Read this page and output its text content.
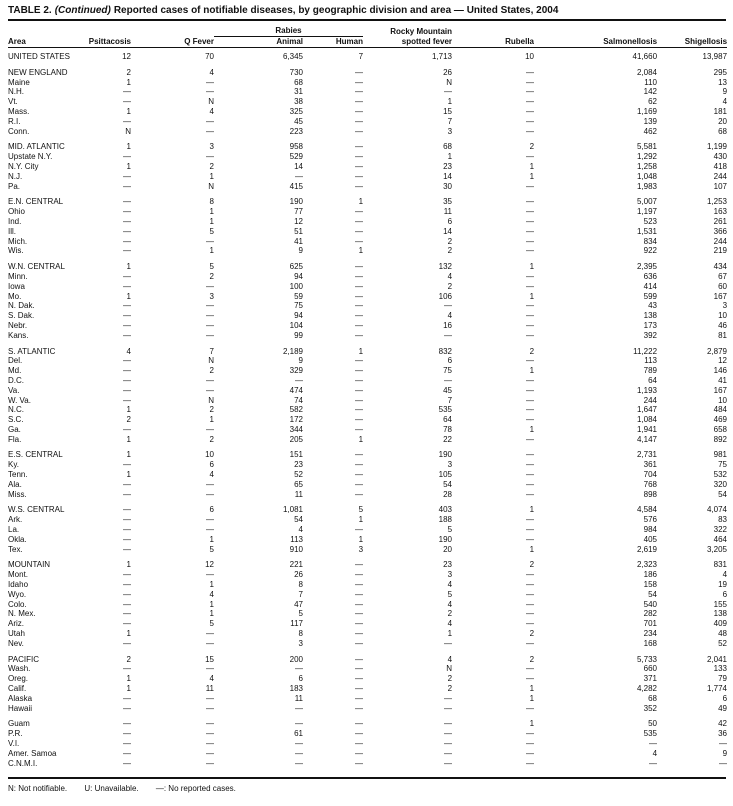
TABLE 2. (Continued) Reported cases of notifiable diseases, by geographic division and area — United States, 2004
Area	Psittacosis	Q Fever	Rabies		Rocky Mountain
spotted fever	Rubella	Salmonellosis	Shigellosis
			Animal	Human				
UNITED STATES	12	70	6,345	7	1,713	10	41,660	13,987
NEW ENGLAND	2	4	730	—	26	—	2,084	295
Maine	1	—	68	—	N	—	110	13
N.H.	—	—	31	—	—	—	142	9
Vt.	—	N	38	—	1	—	62	4
Mass.	1	4	325	—	15	—	1,169	181
R.I.	—	—	45	—	7	—	139	20
Conn.	N	—	223	—	3	—	462	68
MID. ATLANTIC	1	3	958	—	68	2	5,581	1,199
Upstate N.Y.	—	—	529	—	1	—	1,292	430
N.Y. City	1	2	14	—	23	1	1,258	418
N.J.	—	1	—	—	14	1	1,048	244
Pa.	—	N	415	—	30	—	1,983	107
E.N. CENTRAL	—	8	190	1	35	—	5,007	1,253
Ohio	—	1	77	—	11	—	1,197	163
Ind.	—	1	12	—	6	—	523	261
Ill.	—	5	51	—	14	—	1,531	366
Mich.	—	—	41	—	2	—	834	244
Wis.	—	1	9	1	2	—	922	219
W.N. CENTRAL	1	5	625	—	132	1	2,395	434
Minn.	—	2	94	—	4	—	636	67
Iowa	—	—	100	—	2	—	414	60
Mo.	1	3	59	—	106	1	599	167
N. Dak.	—	—	75	—	—	—	43	3
S. Dak.	—	—	94	—	4	—	138	10
Nebr.	—	—	104	—	16	—	173	46
Kans.	—	—	99	—	—	—	392	81
S. ATLANTIC	4	7	2,189	1	832	2	11,222	2,879
Del.	—	N	9	—	6	—	113	12
Md.	—	2	329	—	75	1	789	146
D.C.	—	—	—	—	—	—	64	41
Va.	—	—	474	—	45	—	1,193	167
W. Va.	—	N	74	—	7	—	244	10
N.C.	1	2	582	—	535	—	1,647	484
S.C.	2	1	172	—	64	—	1,084	469
Ga.	—	—	344	—	78	1	1,941	658
Fla.	1	2	205	1	22	—	4,147	892
E.S. CENTRAL	1	10	151	—	190	—	2,731	981
Ky.	—	6	23	—	3	—	361	75
Tenn.	1	4	52	—	105	—	704	532
Ala.	—	—	65	—	54	—	768	320
Miss.	—	—	11	—	28	—	898	54
W.S. CENTRAL	—	6	1,081	5	403	1	4,584	4,074
Ark.	—	—	54	1	188	—	576	83
La.	—	—	4	—	5	—	984	322
Okla.	—	1	113	1	190	—	405	464
Tex.	—	5	910	3	20	1	2,619	3,205
MOUNTAIN	1	12	221	—	23	2	2,323	831
Mont.	—	—	26	—	3	—	186	4
Idaho	—	1	8	—	4	—	158	19
Wyo.	—	4	7	—	5	—	54	6
Colo.	—	1	47	—	4	—	540	155
N. Mex.	—	1	5	—	2	—	282	138
Ariz.	—	5	117	—	4	—	701	409
Utah	1	—	8	—	1	2	234	48
Nev.	—	—	3	—	—	—	168	52
PACIFIC	2	15	200	—	4	2	5,733	2,041
Wash.	—	—	—	—	N	—	660	133
Oreg.	1	4	6	—	2	—	371	79
Calif.	1	11	183	—	2	1	4,282	1,774
Alaska	—	—	11	—	—	1	68	6
Hawaii	—	—	—	—	—	—	352	49
Guam	—	—	—	—	—	1	50	42
P.R.	—	—	61	—	—	—	535	36
V.I.	—	—	—	—	—	—	—	—
Amer. Samoa	—	—	—	—	—	—	4	9
C.N.M.I.	—	—	—	—	—	—	—	—
N: Not notifiable. U: Unavailable. —: No reported cases.
